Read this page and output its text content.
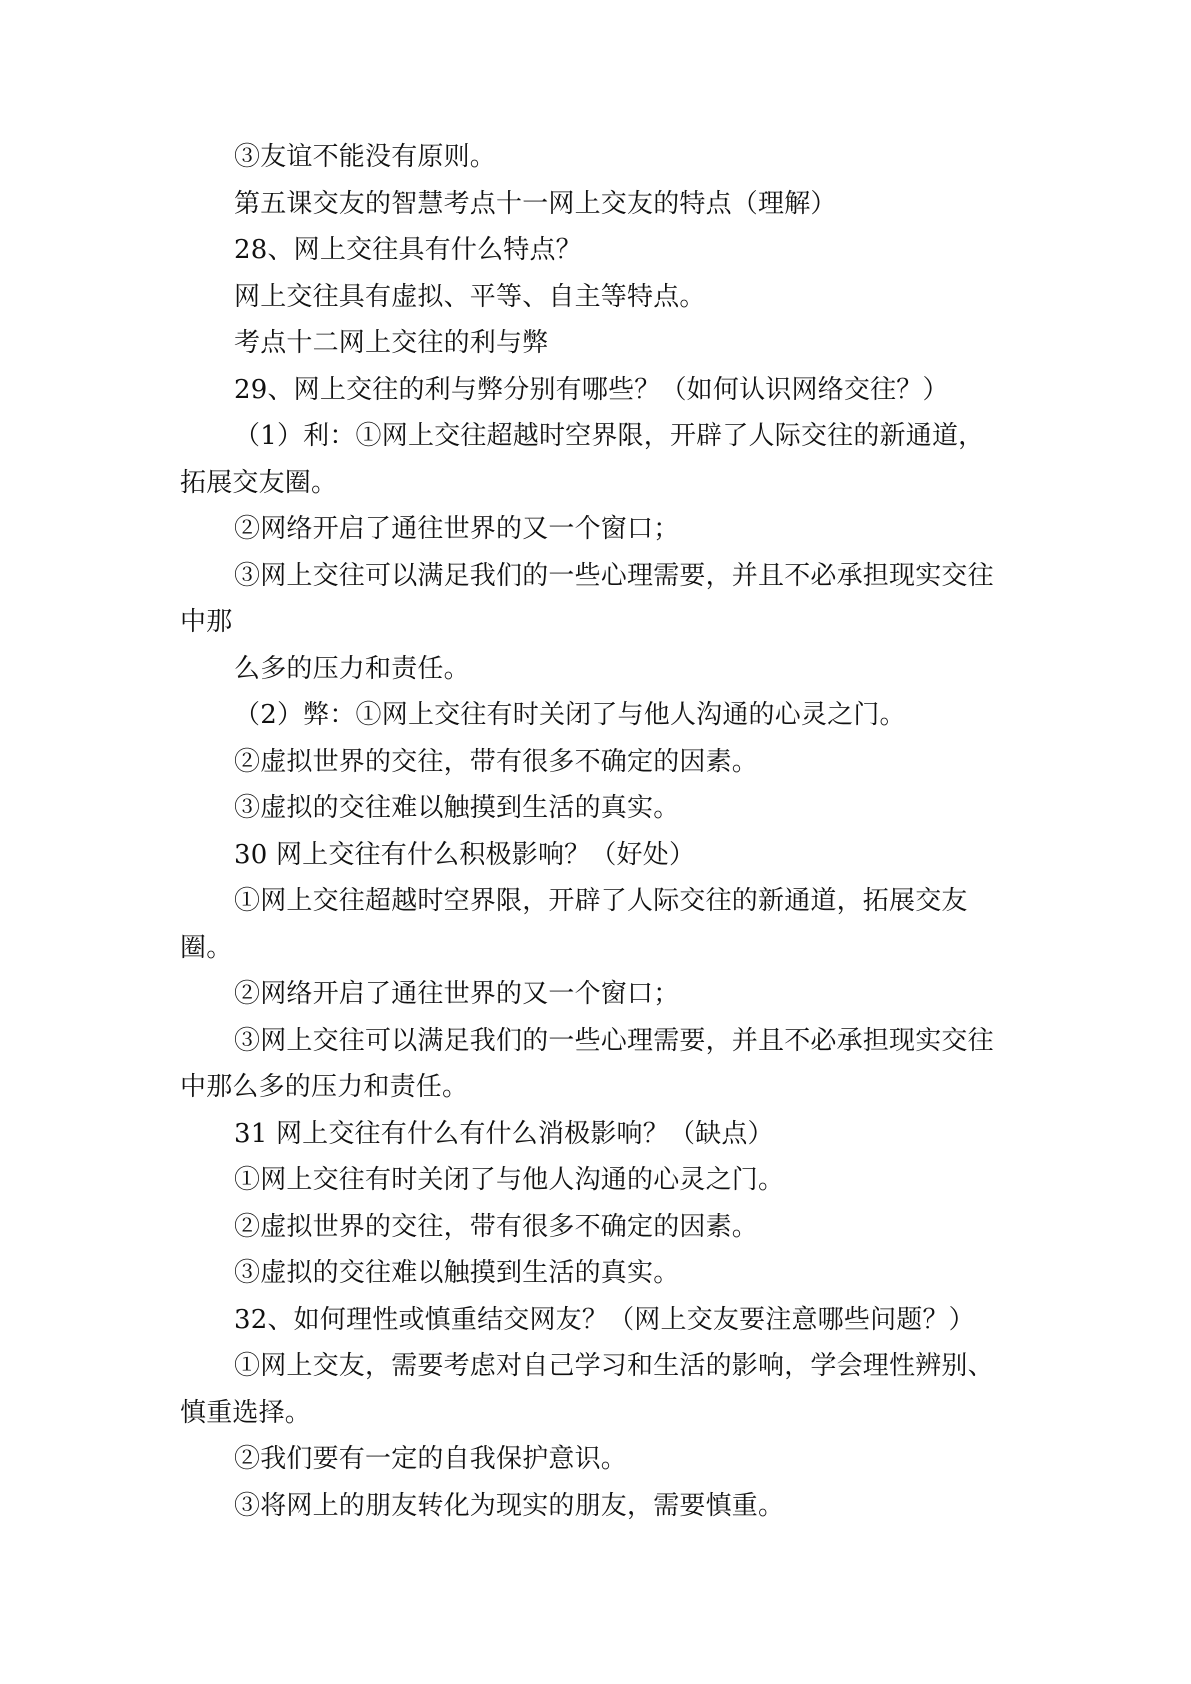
③友谊不能没有原则。

第五课交友的智慧考点十一网上交友的特点（理解）

28、网上交往具有什么特点？

网上交往具有虚拟、平等、自主等特点。

考点十二网上交往的利与弊

29、网上交往的利与弊分别有哪些？（如何认识网络交往？）

（1）利：①网上交往超越时空界限，开辟了人际交往的新通道，拓展交友圈。

②网络开启了通往世界的又一个窗口；

③网上交往可以满足我们的一些心理需要，并且不必承担现实交往中那

么多的压力和责任。

（2）弊：①网上交往有时关闭了与他人沟通的心灵之门。

②虚拟世界的交往，带有很多不确定的因素。

③虚拟的交往难以触摸到生活的真实。

30 网上交往有什么积极影响？（好处）

①网上交往超越时空界限，开辟了人际交往的新通道，拓展交友圈。

②网络开启了通往世界的又一个窗口；

③网上交往可以满足我们的一些心理需要，并且不必承担现实交往中那么多的压力和责任。

31 网上交往有什么有什么消极影响？（缺点）

①网上交往有时关闭了与他人沟通的心灵之门。

②虚拟世界的交往，带有很多不确定的因素。

③虚拟的交往难以触摸到生活的真实。

32、如何理性或慎重结交网友？（网上交友要注意哪些问题？）

①网上交友，需要考虑对自己学习和生活的影响，学会理性辨别、慎重选择。

②我们要有一定的自我保护意识。

③将网上的朋友转化为现实的朋友，需要慎重。
